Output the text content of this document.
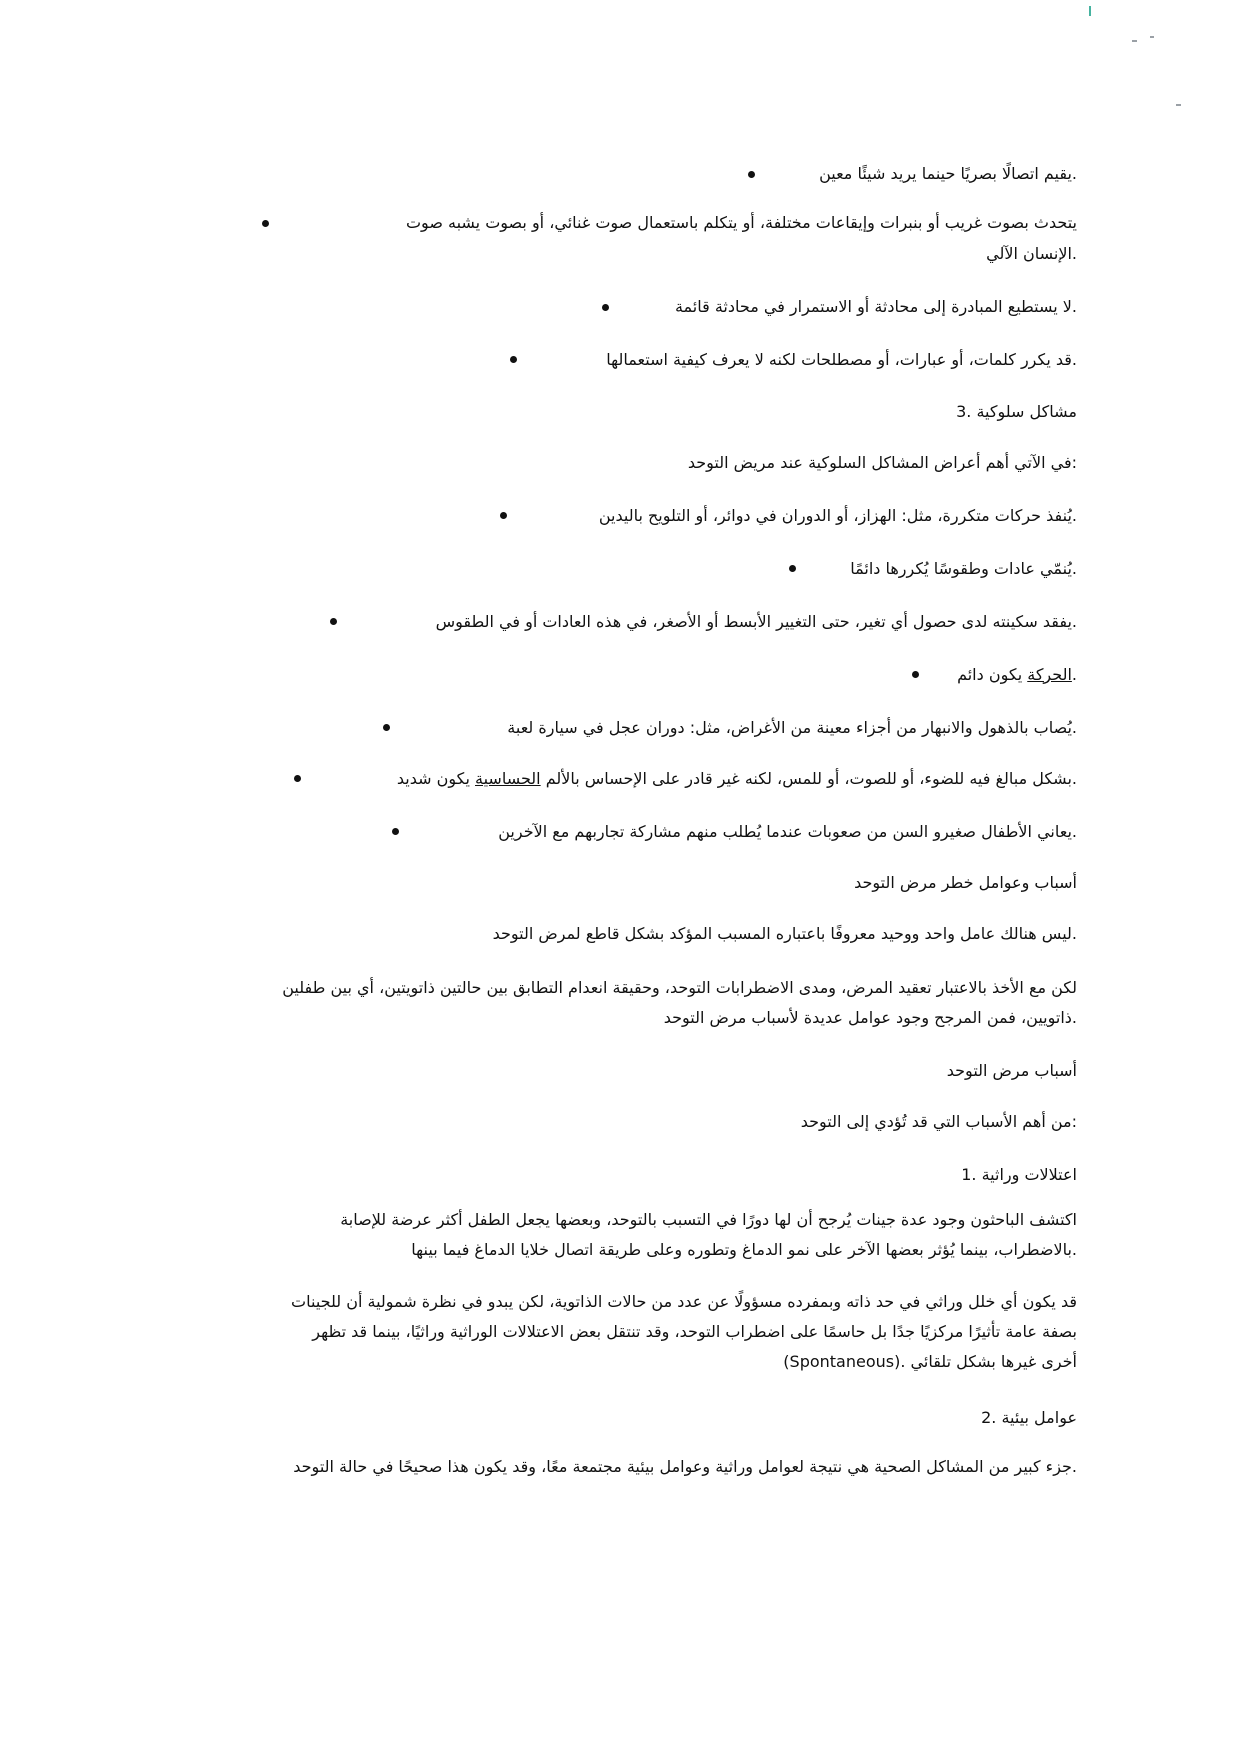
.يقيم اتصالًا بصريًا حينما يريد شيئًا معين
يتحدث بصوت غريب أو بنبرات وإيقاعات مختلفة، أو يتكلم باستعمال صوت غنائي، أو بصوت يشبه صوت
.الإنسان الآلي
.لا يستطيع المبادرة إلى محادثة أو الاستمرار في محادثة قائمة
.قد يكرر كلمات، أو عبارات، أو مصطلحات لكنه لا يعرف كيفية استعمالها
مشاكل سلوكية .3
:في الآتي أهم أعراض المشاكل السلوكية عند مريض التوحد
.يُنفذ حركات متكررة، مثل: الهزاز، أو الدوران في دوائر، أو التلويح باليدين
.يُنمّي عادات وطقوسًا يُكررها دائمًا
.يفقد سكينته لدى حصول أي تغير، حتى التغيير الأبسط أو الأصغر، في هذه العادات أو في الطقوس
.الحركة يكون دائم
.يُصاب بالذهول والانبهار من أجزاء معينة من الأغراض، مثل: دوران عجل في سيارة لعبة
.بشكل مبالغ فيه للضوء، أو للصوت، أو للمس، لكنه غير قادر على الإحساس بالألم الحساسية يكون شديد
.يعاني الأطفال صغيرو السن من صعوبات عندما يُطلب منهم مشاركة تجاربهم مع الآخرين
أسباب وعوامل خطر مرض التوحد
.ليس هنالك عامل واحد ووحيد معروفًا باعتباره المسبب المؤكد بشكل قاطع لمرض التوحد
لكن مع الأخذ بالاعتبار تعقيد المرض، ومدى الاضطرابات التوحد، وحقيقة انعدام التطابق بين حالتين ذاتويتين، أي بين طفلين
.ذاتويين، فمن المرجح وجود عوامل عديدة لأسباب مرض التوحد
أسباب مرض التوحد
:من أهم الأسباب التي قد تُؤدي إلى التوحد
اعتلالات وراثية .1
اكتشف الباحثون وجود عدة جينات يُرجح أن لها دورًا في التسبب بالتوحد، وبعضها يجعل الطفل أكثر عرضة للإصابة
.بالاضطراب، بينما يُؤثر بعضها الآخر على نمو الدماغ وتطوره وعلى طريقة اتصال خلايا الدماغ فيما بينها
قد يكون أي خلل وراثي في حد ذاته وبمفرده مسؤولًا عن عدد من حالات الذاتوية، لكن يبدو في نظرة شمولية أن للجينات
بصفة عامة تأثيرًا مركزيًا جدًا بل حاسمًا على اضطراب التوحد، وقد تنتقل بعض الاعتلالات الوراثية وراثيًا، بينما قد تظهر
(Spontaneous). أخرى غيرها بشكل تلقائي
عوامل بيئية .2
.جزء كبير من المشاكل الصحية هي نتيجة لعوامل وراثية وعوامل بيئية مجتمعة معًا، وقد يكون هذا صحيحًا في حالة التوحد
